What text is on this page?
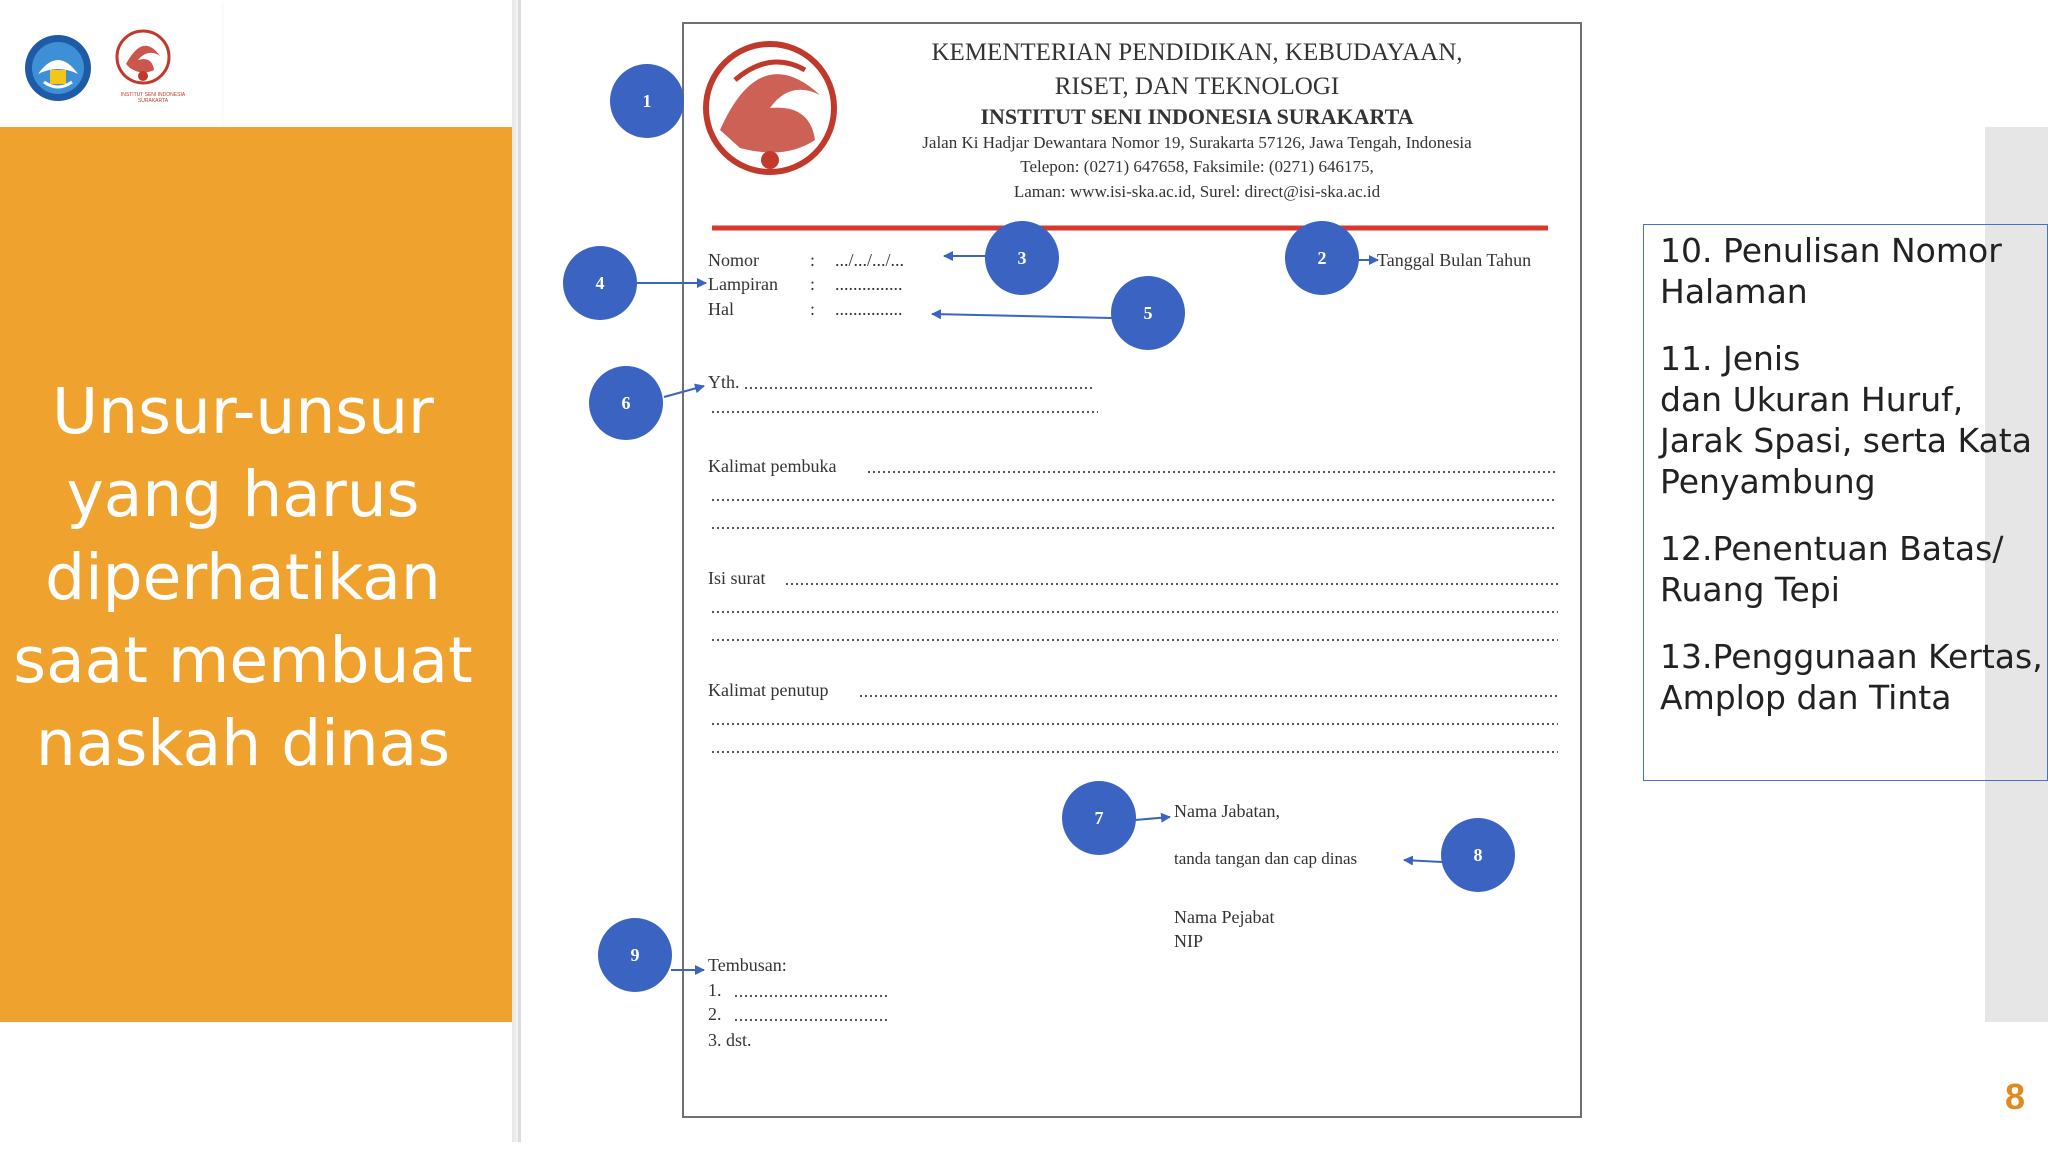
INSTITUT SENI INDONESIA SURAKARTA
Unsur-unsur
yang harus
diperhatikan
saat membuat
naskah dinas
KEMENTERIAN PENDIDIKAN, KEBUDAYAAN,
RISET, DAN TEKNOLOGI
INSTITUT SENI INDONESIA SURAKARTA
Jalan Ki Hadjar Dewantara Nomor 19, Surakarta 57126, Jawa Tengah, Indonesia
Telepon: (0271) 647658, Faksimile: (0271) 646175,
Laman: www.isi-ska.ac.id, Surel: direct@isi-ska.ac.id
Nomor
Lampiran
Hal
:
:
:
.../.../.../...
...............
...............
Tanggal Bulan Tahun
Yth.
Kalimat pembuka
Isi surat
Kalimat penutup
Nama Jabatan,
tanda tangan dan cap dinas
Nama Pejabat
NIP
Tembusan:
1.
2.
3. dst.
1
2
3
4
5
6
7
8
9
10. Penulisan Nomor
Halaman
11. Jenis
dan Ukuran Huruf,
Jarak Spasi, serta Kata
Penyambung
12.Penentuan Batas/
Ruang Tepi
13.Penggunaan Kertas,
Amplop dan Tinta
8
